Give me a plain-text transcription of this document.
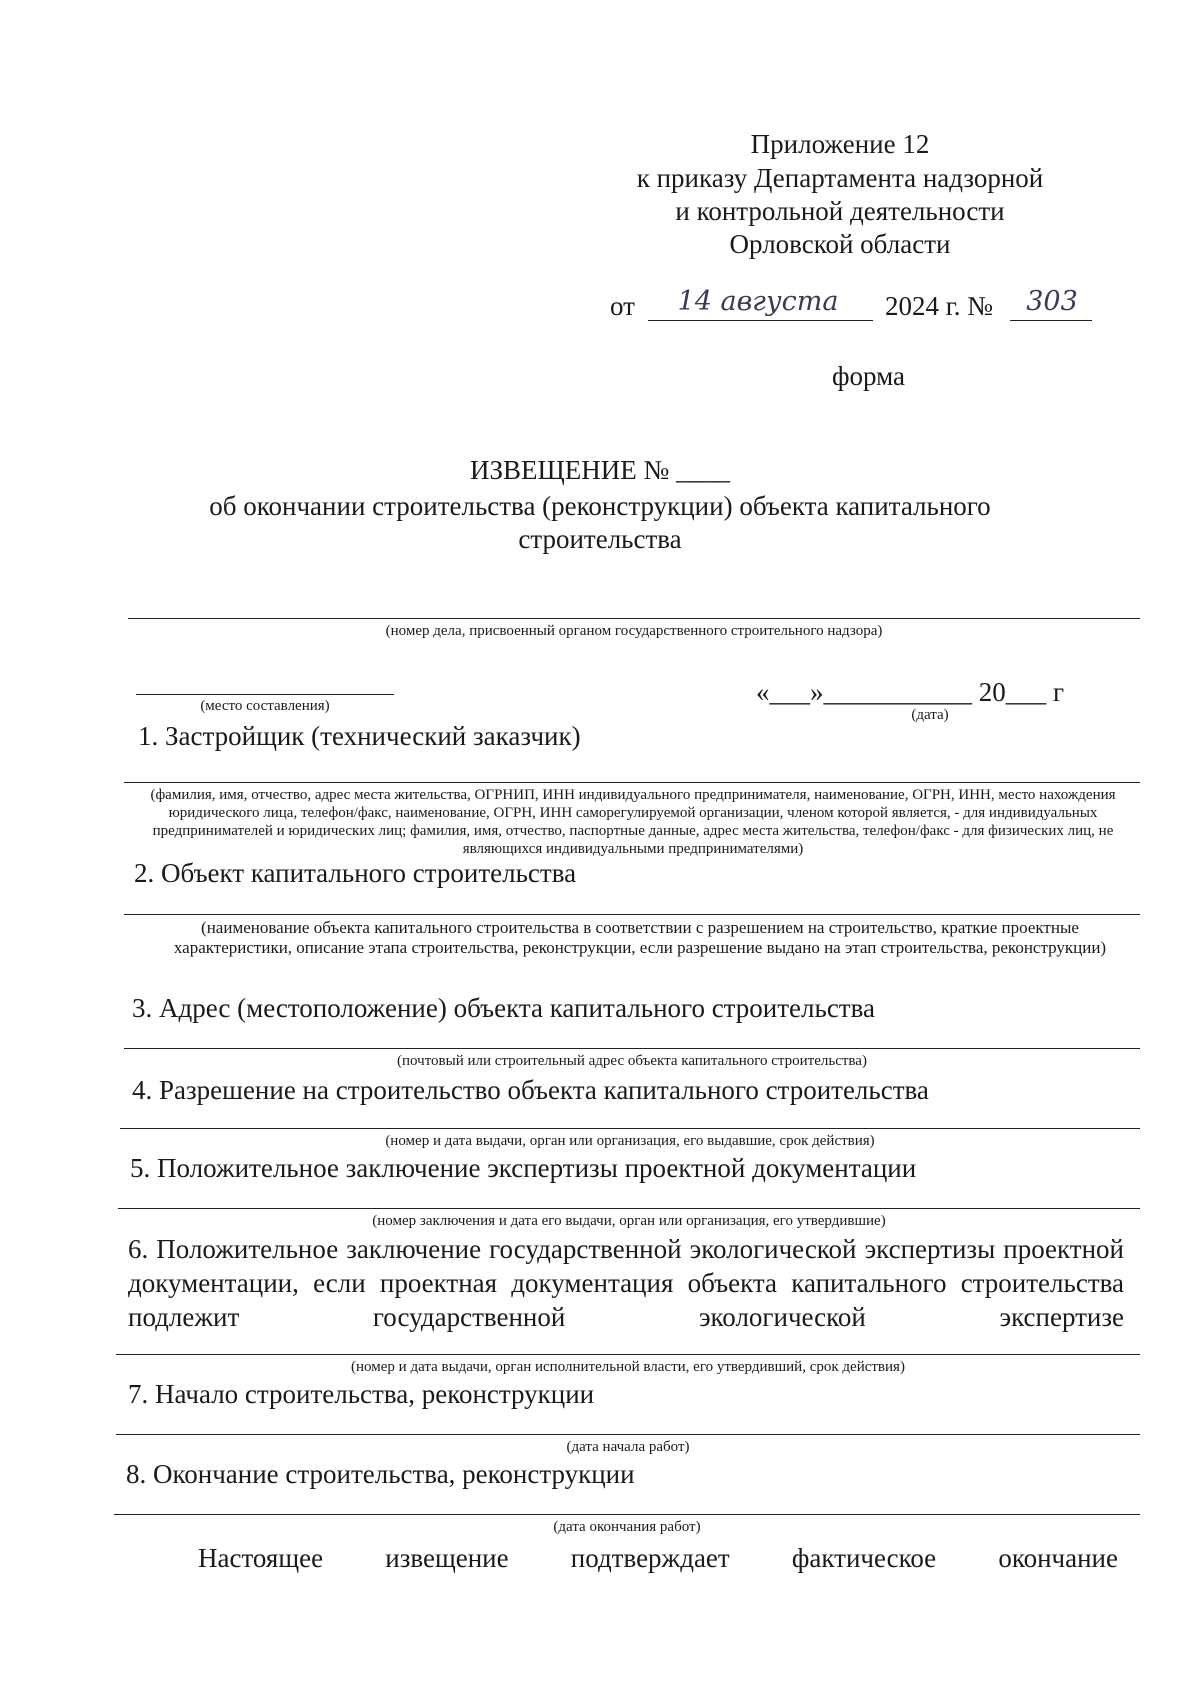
Приложение 12
к приказу Департамента надзорной
и контрольной деятельности
Орловской области
от	14 августа	2024 г. №	303
форма
ИЗВЕЩЕНИЕ № ____
об окончании строительства (реконструкции) объекта капитального
строительства
(номер дела, присвоенный органом государственного строительного надзора)
(место составления)	«___»___________ 20___ г
(дата)
1. Застройщик (технический заказчик)
(фамилия, имя, отчество, адрес места жительства, ОГРНИП, ИНН индивидуального предпринимателя, наименование, ОГРН, ИНН, место нахождения юридического лица, телефон/факс, наименование, ОГРН, ИНН саморегулируемой организации, членом которой является, - для индивидуальных предпринимателей и юридических лиц; фамилия, имя, отчество, паспортные данные, адрес места жительства, телефон/факс - для физических лиц, не являющихся индивидуальными предпринимателями)
2. Объект капитального строительства
(наименование объекта капитального строительства в соответствии с разрешением на строительство, краткие проектные характеристики, описание этапа строительства, реконструкции, если разрешение выдано на этап строительства, реконструкции)
3. Адрес (местоположение) объекта капитального строительства
(почтовый или строительный адрес объекта капитального строительства)
4. Разрешение на строительство объекта капитального строительства
(номер и дата выдачи, орган или организация, его выдавшие, срок действия)
5. Положительное заключение экспертизы проектной документации
(номер заключения и дата его выдачи, орган или организация, его утвердившие)
6. Положительное заключение государственной экологической экспертизы проектной документации, если проектная документация объекта капитального строительства подлежит государственной экологической экспертизе
(номер и дата выдачи, орган исполнительной власти, его утвердивший, срок действия)
7. Начало строительства, реконструкции
(дата начала работ)
8. Окончание строительства, реконструкции
(дата окончания работ)
Настоящее извещение подтверждает фактическое окончание
